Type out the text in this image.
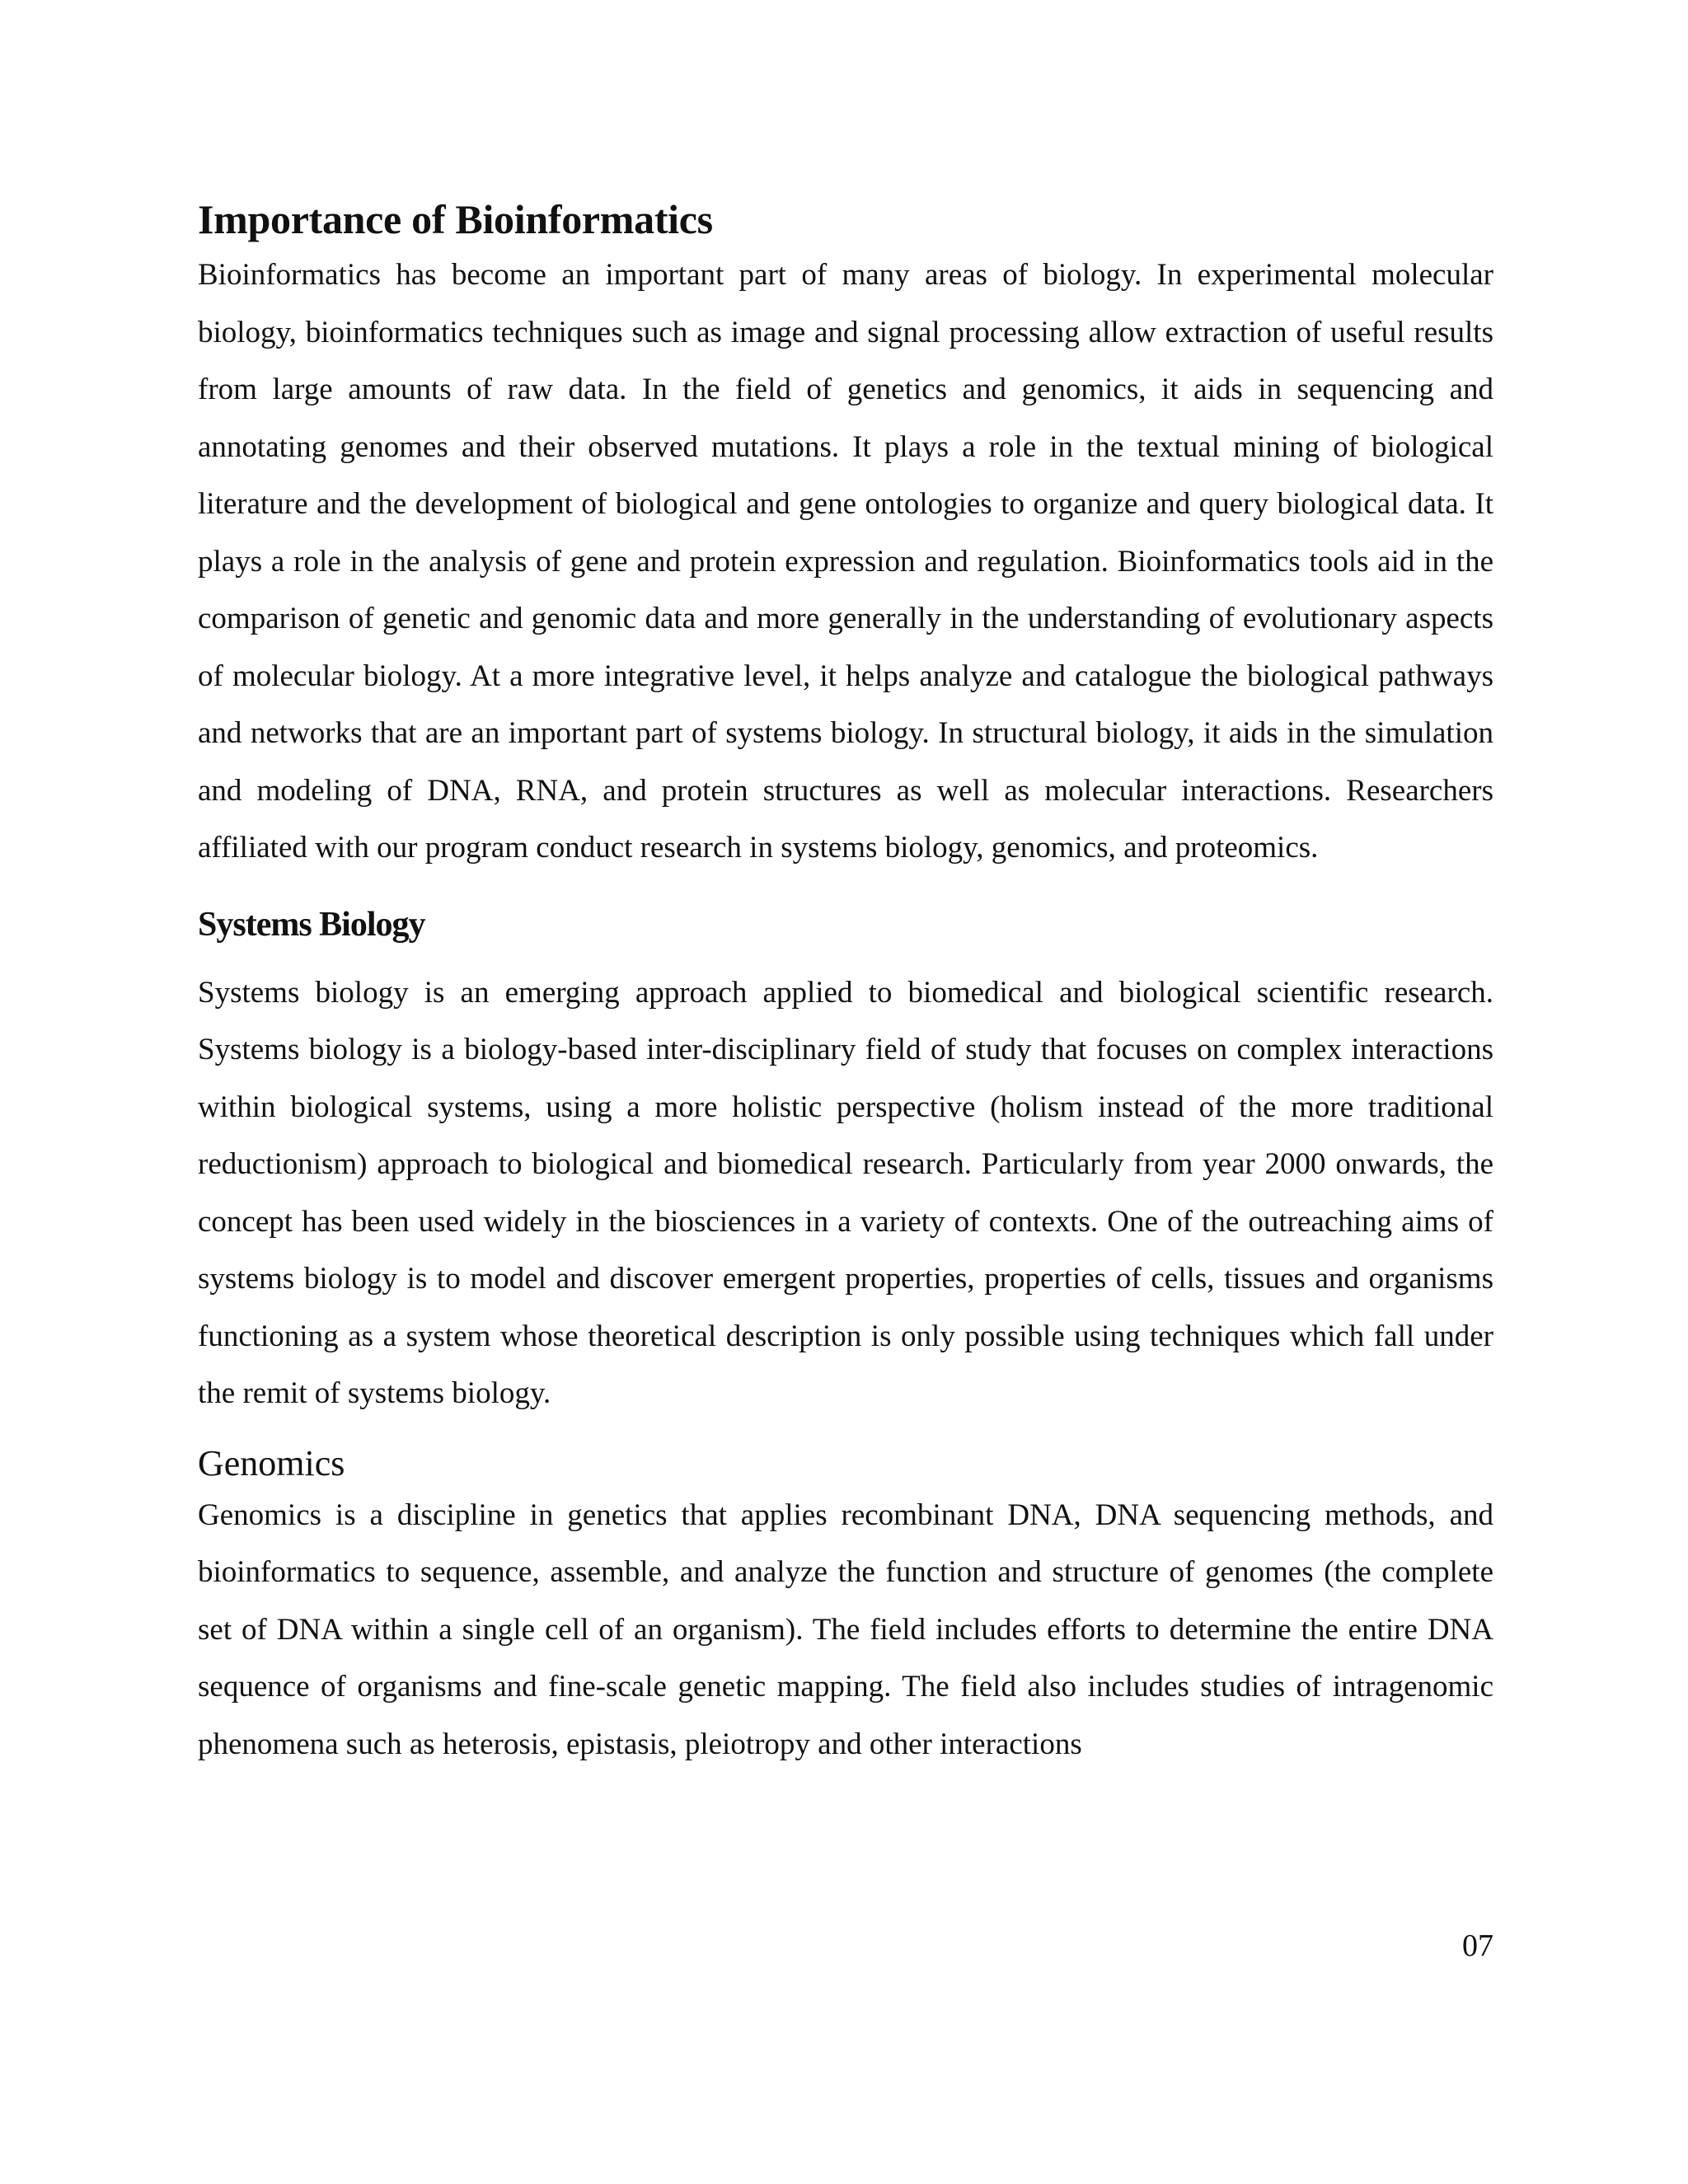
Importance of Bioinformatics

Bioinformatics has become an important part of many areas of biology. In experimental molecular biology, bioinformatics techniques such as image and signal processing allow extraction of useful results from large amounts of raw data. In the field of genetics and genomics, it aids in sequencing and annotating genomes and their observed mutations. It plays a role in the textual mining of biological literature and the development of biological and gene ontologies to organize and query biological data. It plays a role in the analysis of gene and protein expression and regulation. Bioinformatics tools aid in the comparison of genetic and genomic data and more generally in the understanding of evolutionary aspects of molecular biology. At a more integrative level, it helps analyze and catalogue the biological pathways and networks that are an important part of systems biology. In structural biology, it aids in the simulation and modeling of DNA, RNA, and protein structures as well as molecular interactions. Researchers affiliated with our program conduct research in systems biology, genomics, and proteomics.

Systems Biology

Systems biology is an emerging approach applied to biomedical and biological scientific research. Systems biology is a biology-based inter-disciplinary field of study that focuses on complex interactions within biological systems, using a more holistic perspective (holism instead of the more traditional reductionism) approach to biological and biomedical research. Particularly from year 2000 onwards, the concept has been used widely in the biosciences in a variety of contexts. One of the outreaching aims of systems biology is to model and discover emergent properties, properties of cells, tissues and organisms functioning as a system whose theoretical description is only possible using techniques which fall under the remit of systems biology.

Genomics

Genomics is a discipline in genetics that applies recombinant DNA, DNA sequencing methods, and bioinformatics to sequence, assemble, and analyze the function and structure of genomes (the complete set of DNA within a single cell of an organism). The field includes efforts to determine the entire DNA sequence of organisms and fine-scale genetic mapping. The field also includes studies of intragenomic phenomena such as heterosis, epistasis, pleiotropy and other interactions

07
